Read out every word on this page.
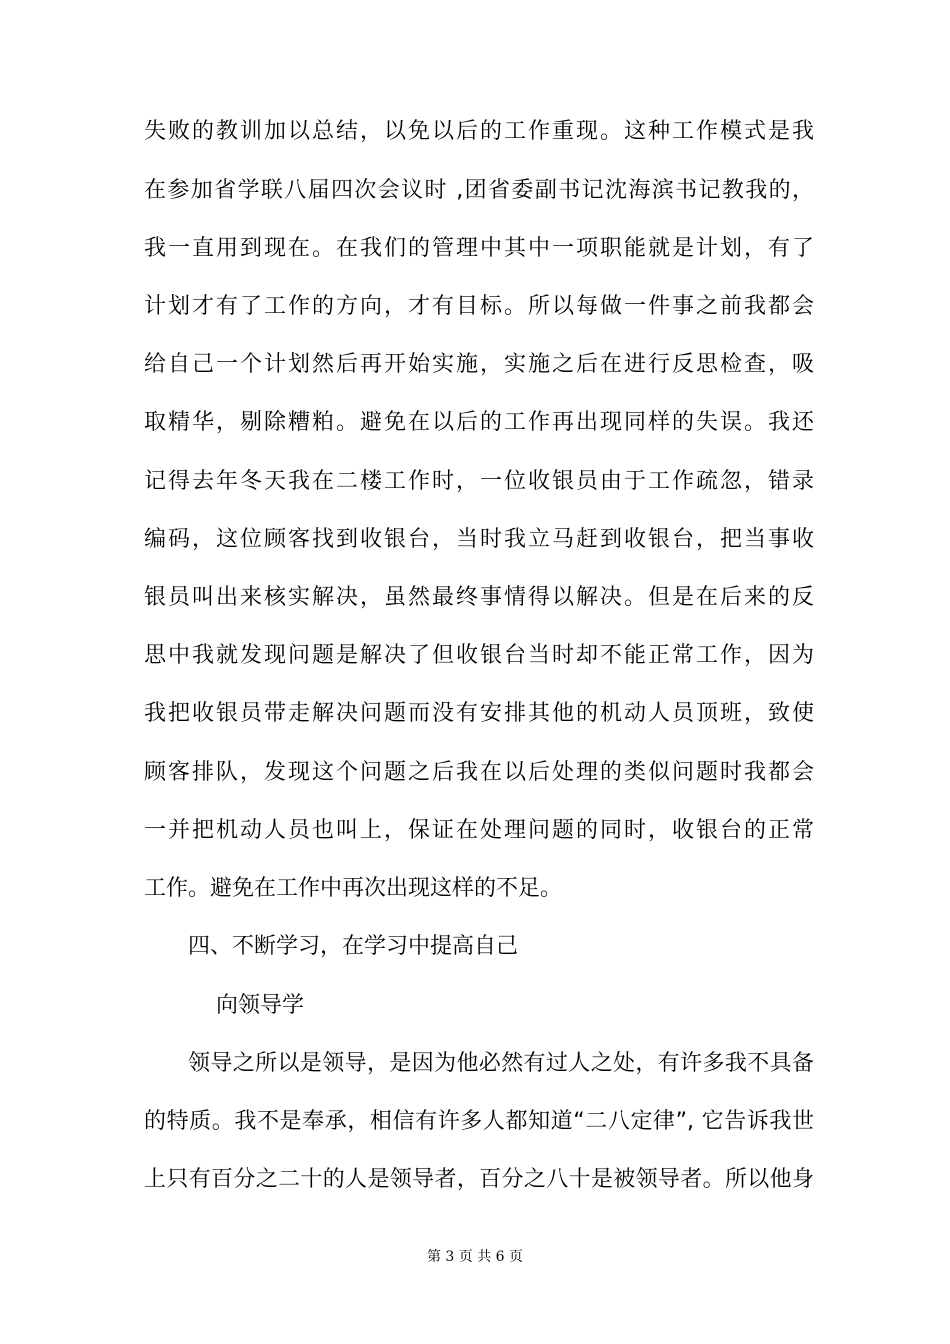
失败的教训加以总结，以免以后的工作重现。这种工作模式是我
在参加省学联八届四次会议时 ,团省委副书记沈海滨书记教我的，
我一直用到现在。在我们的管理中其中一项职能就是计划，有了
计划才有了工作的方向，才有目标。所以每做一件事之前我都会
给自己一个计划然后再开始实施，实施之后在进行反思检查，吸
取精华，剔除糟粕。避免在以后的工作再出现同样的失误。我还
记得去年冬天我在二楼工作时，一位收银员由于工作疏忽，错录
编码，这位顾客找到收银台，当时我立马赶到收银台，把当事收
银员叫出来核实解决，虽然最终事情得以解决。但是在后来的反
思中我就发现问题是解决了但收银台当时却不能正常工作，因为
我把收银员带走解决问题而没有安排其他的机动人员顶班，致使
顾客排队，发现这个问题之后我在以后处理的类似问题时我都会
一并把机动人员也叫上，保证在处理问题的同时，收银台的正常
工作。避免在工作中再次出现这样的不足。
四、不断学习，在学习中提高自己
向领导学
领导之所以是领导，是因为他必然有过人之处，有许多我不具备
的特质。我不是奉承，相信有许多人都知道“二八定律”, 它告诉我世
上只有百分之二十的人是领导者，百分之八十是被领导者。所以他身
第 3 页 共 6 页
